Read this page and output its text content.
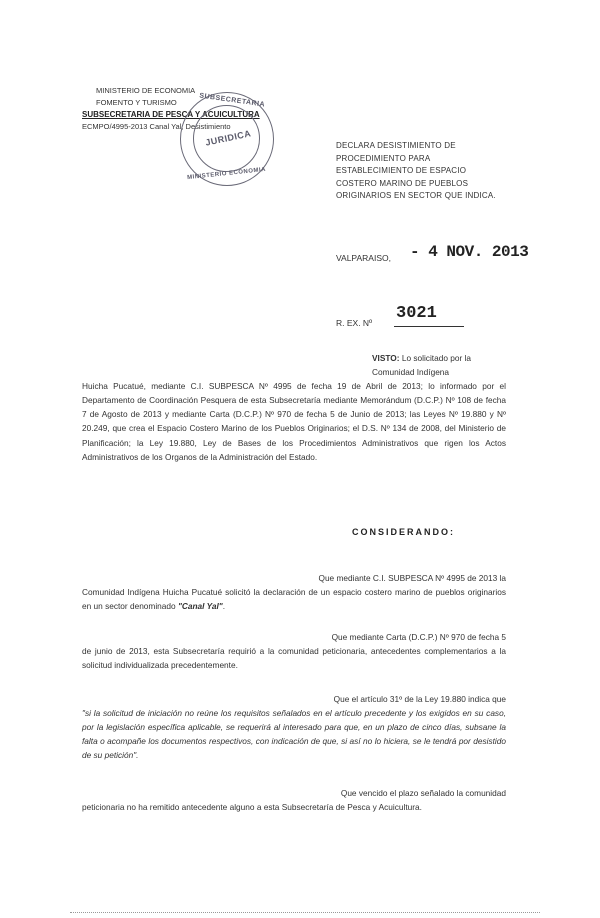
MINISTERIO DE ECONOMIA
FOMENTO Y TURISMO
SUBSECRETARIA DE PESCA Y ACUICULTURA
ECMPO/4995-2013 Canal Yal, Desistimiento
SUBSECRETARIA
JURIDICA
MINISTERIO ECONOMIA
DECLARA DESISTIMIENTO DE PROCEDIMIENTO PARA ESTABLECIMIENTO DE ESPACIO COSTERO MARINO DE PUEBLOS ORIGINARIOS EN SECTOR QUE INDICA.
VALPARAISO, - 4 NOV. 2013
R. EX. Nº 3021
VISTO: Lo solicitado por la Comunidad Indígena
Huicha Pucatué, mediante C.I. SUBPESCA Nº 4995 de fecha 19 de Abril de 2013; lo informado por el Departamento de Coordinación Pesquera de esta Subsecretaría mediante Memorándum (D.C.P.) Nº 108 de fecha 7 de Agosto de 2013 y mediante Carta (D.C.P.) Nº 970 de fecha 5 de Junio de 2013; las Leyes Nº 19.880 y Nº 20.249, que crea el Espacio Costero Marino de los Pueblos Originarios; el D.S. Nº 134 de 2008, del Ministerio de Planificación; la Ley 19.880, Ley de Bases de los Procedimientos Administrativos que rigen los Actos Administrativos de los Organos de la Administración del Estado.
CONSIDERANDO:
Que mediante C.I. SUBPESCA Nº 4995 de 2013 la
Comunidad Indígena Huicha Pucatué solicitó la declaración de un espacio costero marino de pueblos originarios en un sector denominado "Canal Yal".
Que mediante Carta (D.C.P.) Nº 970 de fecha 5
de junio de 2013, esta Subsecretaría requirió a la comunidad peticionaria, antecedentes complementarios a la solicitud individualizada precedentemente.
Que el artículo 31º de la Ley 19.880 indica que
"si la solicitud de iniciación no reúne los requisitos señalados en el artículo precedente y los exigidos en su caso, por la legislación específica aplicable, se requerirá al interesado para que, en un plazo de cinco días, subsane la falta o acompañe los documentos respectivos, con indicación de que, si así no lo hiciera, se le tendrá por desistido de su petición".
Que vencido el plazo señalado la comunidad
peticionaria no ha remitido antecedente alguno a esta Subsecretaría de Pesca y Acuicultura.
